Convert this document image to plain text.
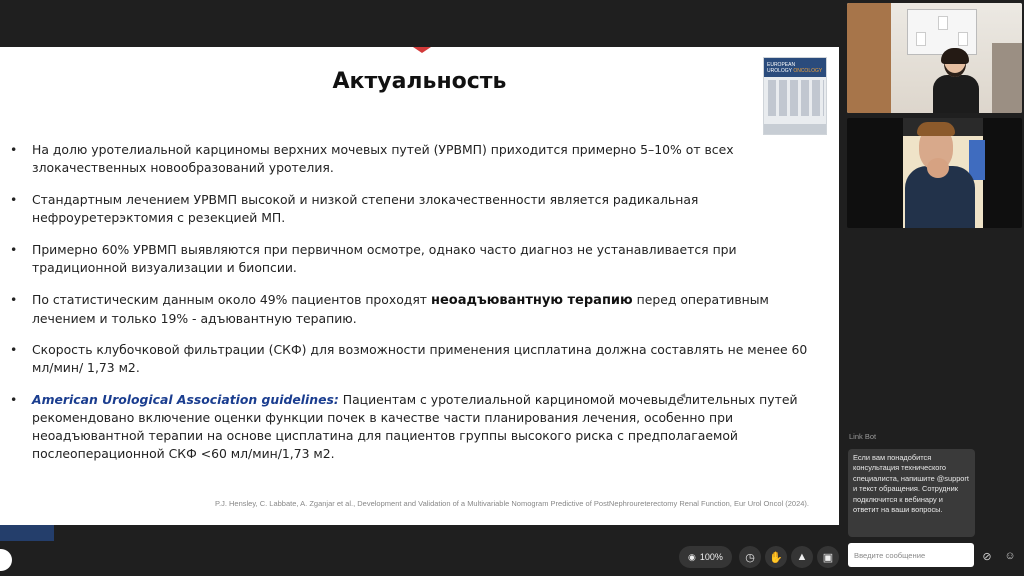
Актуальность
EUROPEAN
UROLOGY ONCOLOGY
• На долю уротелиальной карциномы верхних мочевых путей (УРВМП) приходится примерно 5–10% от всех злокачественных новообразований уротелия.
• Стандартным лечением УРВМП высокой и низкой степени злокачественности является радикальная нефроуретерэктомия с резекцией МП.
• Примерно 60% УРВМП выявляются при первичном осмотре, однако часто диагноз не устанавливается при традиционной визуализации и биопсии.
• По статистическим данным около 49% пациентов проходят неоадъювантную терапию перед оперативным лечением и только 19% - адъювантную терапию.
• Скорость клубочковой фильтрации (СКФ) для возможности применения цисплатина должна составлять не менее 60 мл/мин/ 1,73 м2.
• American Urological Association guidelines: Пациентам с уротелиальной карциномой мочевыделительных путей рекомендовано включение оценки функции почек в качестве части планирования лечения, особенно при неоадъювантной терапии на основе цисплатина для пациентов группы высокого риска с предполагаемой послеоперационной СКФ <60 мл/мин/1,73 м2.
P.J. Hensley, C. Labbate, A. Zganjar et al., Development and Validation of a Multivariable Nomogram Predictive of PostNephroureterectomy Renal Function, Eur Urol Oncol (2024).
Link Bot
Если вам понадобится консультация технического специалиста, напишите @support и текст обращения. Сотрудник подключится к вебинару и ответит на ваши вопросы.
Введите сообщение	⊘ ☺
◉ 100% ◷ ✋ ▲ ▣
